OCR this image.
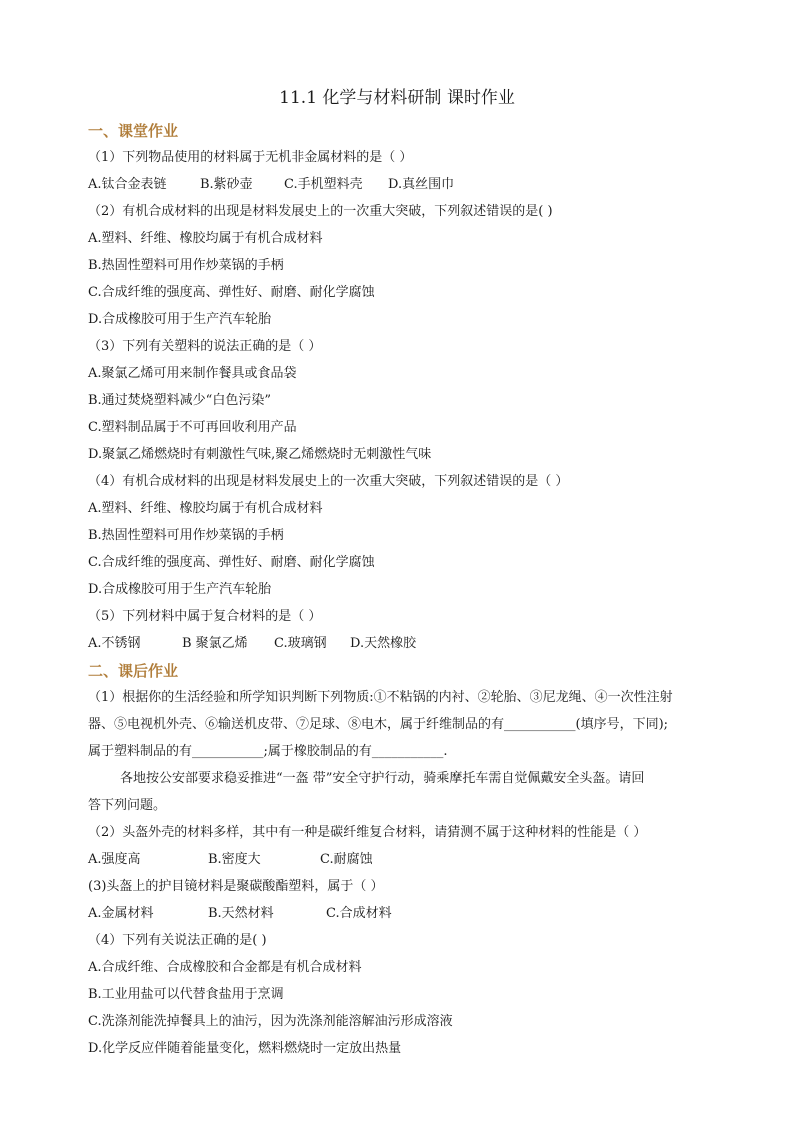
11.1 化学与材料研制 课时作业
一、课堂作业
（1）下列物品使用的材料属于无机非金属材料的是（ ）
A.钛合金表链	B.紫砂壶 C.手机塑料壳 D.真丝围巾
（2）有机合成材料的出现是材料发展史上的一次重大突破，下列叙述错误的是( )
A.塑料、纤维、橡胶均属于有机合成材料
B.热固性塑料可用作炒菜锅的手柄
C.合成纤维的强度高、弹性好、耐磨、耐化学腐蚀
D.合成橡胶可用于生产汽车轮胎
（3）下列有关塑料的说法正确的是（ ）
A.聚氯乙烯可用来制作餐具或食品袋
B.通过焚烧塑料减少“白色污染”
C.塑料制品属于不可再回收利用产品
D.聚氯乙烯燃烧时有刺激性气味,聚乙烯燃烧时无刺激性气味
（4）有机合成材料的出现是材料发展史上的一次重大突破，下列叙述错误的是（ ）
A.塑料、纤维、橡胶均属于有机合成材料
B.热固性塑料可用作炒菜锅的手柄
C.合成纤维的强度高、弹性好、耐磨、耐化学腐蚀
D.合成橡胶可用于生产汽车轮胎
（5）下列材料中属于复合材料的是（ ）
A.不锈钢	B 聚氯乙烯 C.玻璃钢 D.天然橡胶
二、课后作业
（1）根据你的生活经验和所学知识判断下列物质:①不粘锅的内衬、②轮胎、③尼龙绳、④一次性注射
器、⑤电视机外壳、⑥输送机皮带、⑦足球、⑧电木，属于纤维制品的有___________(填序号，下同);
属于塑料制品的有___________;属于橡胶制品的有___________.
各地按公安部要求稳妥推进“一盔 带”安全守护行动，骑乘摩托车需自觉佩戴安全头盔。请回
答下列问题。
（2）头盔外壳的材料多样，其中有一种是碳纤维复合材料，请猜测不属于这种材料的性能是（ ）
A.强度高	B.密度大	C.耐腐蚀
(3)头盔上的护目镜材料是聚碳酸酯塑料，属于（ ）
A.金属材料	B.天然材料	C.合成材料
（4）下列有关说法正确的是( )
A.合成纤维、合成橡胶和合金都是有机合成材料
B.工业用盐可以代替食盐用于烹调
C.洗涤剂能洗掉餐具上的油污，因为洗涤剂能溶解油污形成溶液
D.化学反应伴随着能量变化，燃料燃烧时一定放出热量
